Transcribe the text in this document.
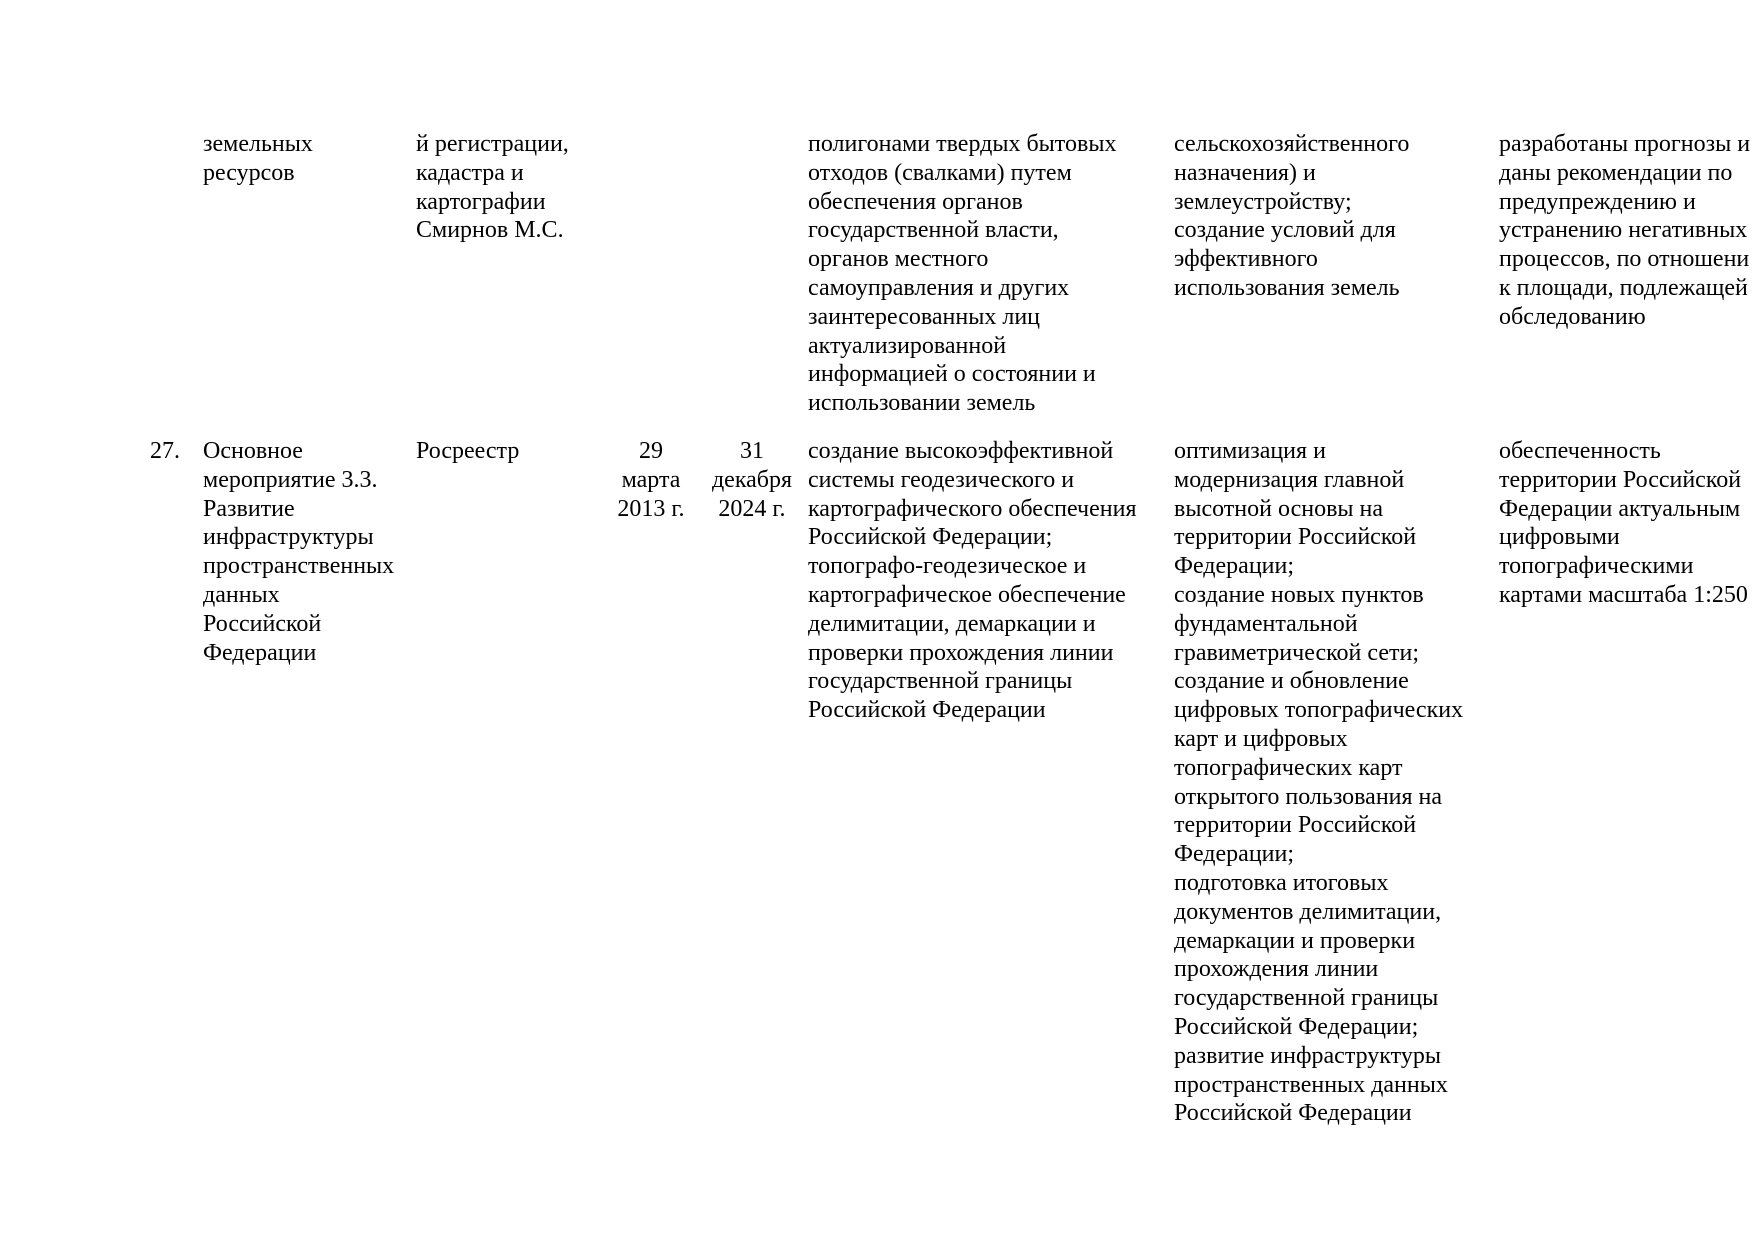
земельных
ресурсов
й регистрации,
кадастра и
картографии
Смирнов М.С.
полигонами твердых бытовых
отходов (свалками) путем
обеспечения органов
государственной власти,
органов местного
самоуправления и других
заинтересованных лиц
актуализированной
информацией о состоянии и
использовании земель
сельскохозяйственного
назначения) и
землеустройству;
создание условий для
эффективного
использования земель
разработаны прогнозы и
даны рекомендации по
предупреждению и
устранению негативных
процессов, по отношени
к площади, подлежащей
обследованию
27. Основное
мероприятие 3.3.
Развитие
инфраструктуры
пространственных
данных
Российской
Федерации
Росреестр	29
марта
2013 г.
31
декабря
2024 г.
создание высокоэффективной
системы геодезического и
картографического обеспечения
Российской Федерации;
топографо-геодезическое и
картографическое обеспечение
делимитации, демаркации и
проверки прохождения линии
государственной границы
Российской Федерации
оптимизация и
модернизация главной
высотной основы на
территории Российской
Федерации;
создание новых пунктов
фундаментальной
гравиметрической сети;
создание и обновление
цифровых топографических
карт и цифровых
топографических карт
открытого пользования на
территории Российской
Федерации;
подготовка итоговых
документов делимитации,
демаркации и проверки
прохождения линии
государственной границы
Российской Федерации;
развитие инфраструктуры
пространственных данных
Российской Федерации
обеспеченность
территории Российской
Федерации актуальным
цифровыми
топографическими
картами масштаба 1:250
